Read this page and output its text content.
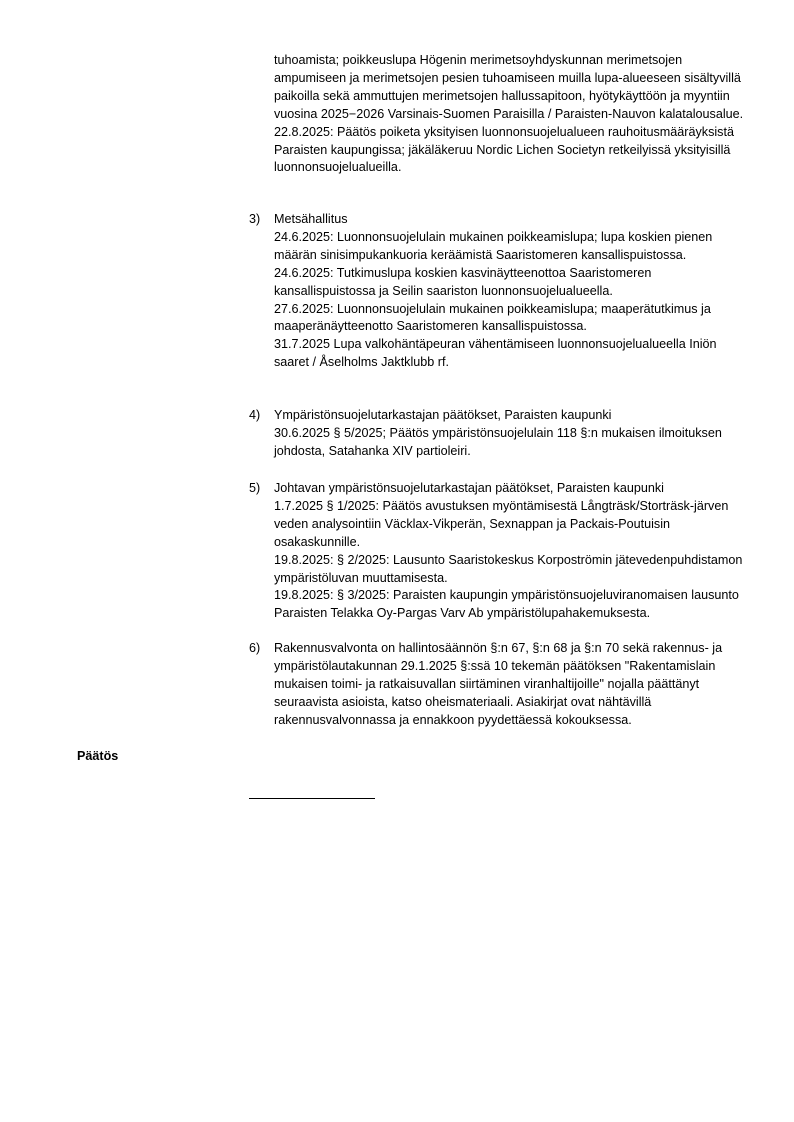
tuhoamista; poikkeuslupa Högenin merimetsoyhdyskunnan merimetsojen ampumiseen ja merimetsojen pesien tuhoamiseen muilla lupa-alueeseen sisältyvillä paikoilla sekä ammuttujen merimetsojen hallussapitoon, hyötykäyttöön ja myyntiin vuosina 2025−2026 Varsinais-Suomen Paraisilla / Paraisten-Nauvon kalatalousalue.

22.8.2025: Päätös poiketa yksityisen luonnonsuojelualueen rauhoitusmääräyksistä Paraisten kaupungissa; jäkäläkeruu Nordic Lichen Societyn retkeilyissä yksityisillä luonnonsuojelualueilla.

3)	Metsähallitus

24.6.2025: Luonnonsuojelulain mukainen poikkeamislupa; lupa koskien pienen määrän sinisimpukankuoria keräämistä Saaristomeren kansallispuistossa.

24.6.2025: Tutkimuslupa koskien kasvinäytteenottoa Saaristomeren kansallispuistossa ja Seilin saariston luonnonsuojelualueella.

27.6.2025: Luonnonsuojelulain mukainen poikkeamislupa; maaperätutkimus ja maaperänäytteenotto Saaristomeren kansallispuistossa.

31.7.2025 Lupa valkohäntäpeuran vähentämiseen luonnonsuojelualueella Iniön saaret / Åselholms Jaktklubb rf.

4)	Ympäristönsuojelutarkastajan päätökset, Paraisten kaupunki

30.6.2025 § 5/2025; Päätös ympäristönsuojelulain 118 §:n mukaisen ilmoituksen johdosta, Satahanka XIV partioleiri.

5)	Johtavan ympäristönsuojelutarkastajan päätökset, Paraisten kaupunki

1.7.2025 § 1/2025: Päätös avustuksen myöntämisestä Långträsk/Storträsk-järven veden analysointiin Väcklax-Vikperän, Sexnappan ja Packais-Poutuisin osakaskunnille.

19.8.2025: § 2/2025: Lausunto Saaristokeskus Korpoströmin jätevedenpuhdistamon ympäristöluvan muuttamisesta.

19.8.2025: § 3/2025: Paraisten kaupungin ympäristönsuojeluviranomaisen lausunto Paraisten Telakka Oy-Pargas Varv Ab ympäristölupahakemuksesta.

6)	Rakennusvalvonta on hallintosäännön §:n 67, §:n 68 ja §:n 70 sekä rakennus- ja ympäristölautakunnan 29.1.2025 §:ssä 10 tekemän päätöksen "Rakentamislain mukaisen toimi- ja ratkaisuvallan siirtäminen viranhaltijoille" nojalla päättänyt seuraavista asioista, katso oheismateriaali. Asiakirjat ovat nähtävillä rakennusvalvonnassa ja ennakkoon pyydettäessä kokouksessa.

Päätös
